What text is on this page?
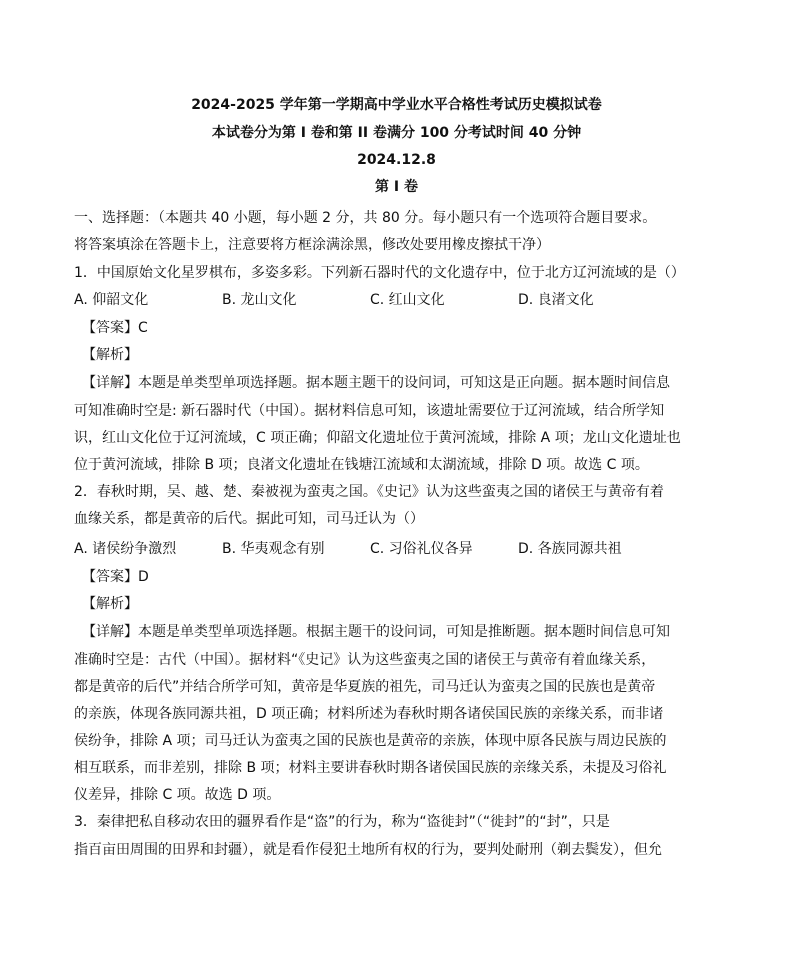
2024-2025 学年第一学期高中学业水平合格性考试历史模拟试卷
本试卷分为第 I 卷和第 II 卷满分 100 分考试时间 40 分钟
2024.12.8
第 I 卷
一、选择题：（本题共 40 小题，每小题 2 分，共 80 分。每小题只有一个选项符合题目要求。
将答案填涂在答题卡上，注意要将方框涂满涂黑，修改处要用橡皮擦拭干净）
1．中国原始文化星罗棋布，多姿多彩。下列新石器时代的文化遗存中，位于北方辽河流域的是（）
A. 仰韶文化	B. 龙山文化	C. 红山文化	D. 良渚文化
【答案】C
【解析】
【详解】本题是单类型单项选择题。据本题主题干的设问词，可知这是正向题。据本题时间信息
可知准确时空是: 新石器时代（中国）。据材料信息可知，该遗址需要位于辽河流域，结合所学知
识，红山文化位于辽河流域，C 项正确；仰韶文化遗址位于黄河流域，排除 A 项；龙山文化遗址也
位于黄河流域，排除 B 项；良渚文化遗址在钱塘江流域和太湖流域，排除 D 项。故选 C 项。
2．春秋时期，吴、越、楚、秦被视为蛮夷之国。《史记》认为这些蛮夷之国的诸侯王与黄帝有着
血缘关系，都是黄帝的后代。据此可知，司马迁认为（）
A. 诸侯纷争激烈	B. 华夷观念有别	C. 习俗礼仪各异	D. 各族同源共祖
【答案】D
【解析】
【详解】本题是单类型单项选择题。根据主题干的设问词，可知是推断题。据本题时间信息可知
准确时空是：古代（中国）。据材料“《史记》认为这些蛮夷之国的诸侯王与黄帝有着血缘关系，
都是黄帝的后代”并结合所学可知，黄帝是华夏族的祖先，司马迁认为蛮夷之国的民族也是黄帝
的亲族，体现各族同源共祖，D 项正确；材料所述为春秋时期各诸侯国民族的亲缘关系，而非诸
侯纷争，排除 A 项；司马迁认为蛮夷之国的民族也是黄帝的亲族，体现中原各民族与周边民族的
相互联系，而非差别，排除 B 项；材料主要讲春秋时期各诸侯国民族的亲缘关系，未提及习俗礼
仪差异，排除 C 项。故选 D 项。
3．秦律把私自移动农田的疆界看作是“盗”的行为，称为“盗徙封”（“徙封”的“封”，只是
指百亩田周围的田界和封疆），就是看作侵犯土地所有权的行为，要判处耐刑（剃去鬓发），但允
